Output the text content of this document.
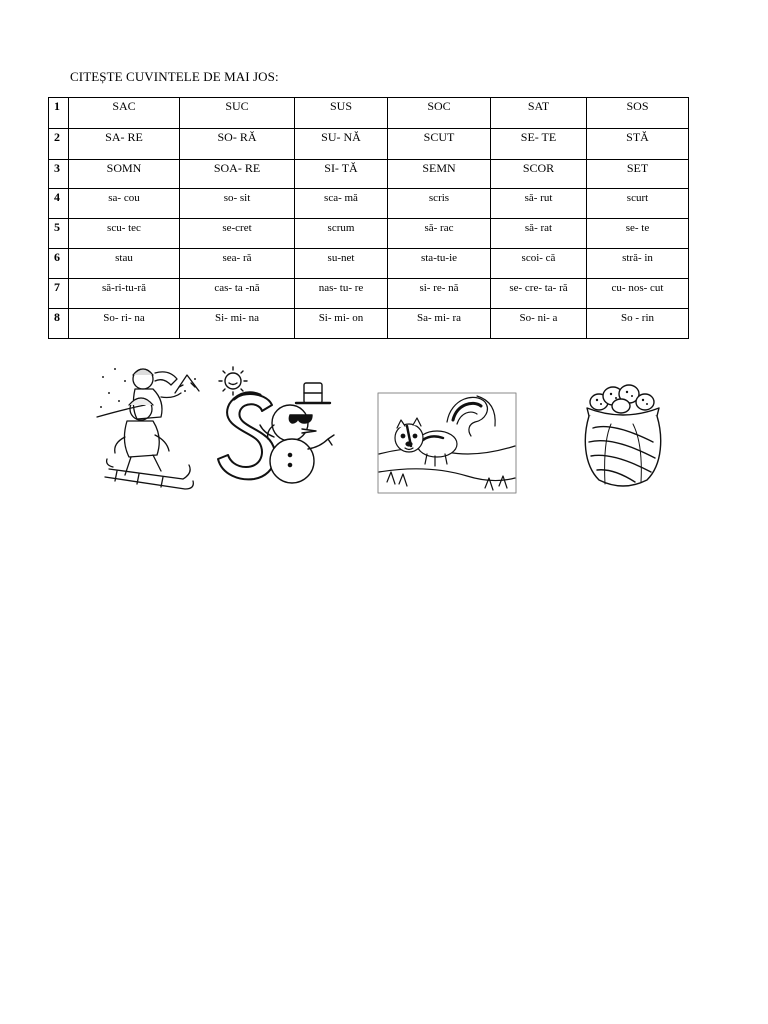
CITEȘTE CUVINTELE DE MAI JOS:
1	SAC	SUC	SUS	SOC	SAT	SOS
2	SA- RE	SO- RĂ	SU- NĂ	SCUT	SE- TE	STĂ
3	SOMN	SOA- RE	SI- TĂ	SEMN	SCOR	SET
4	sa- cou	so- sit	sca- mă	scris	să- rut	scurt
5	scu- tec	se-cret	scrum	să- rac	să- rat	se- te
6	stau	sea- ră	su-net	sta-tu-ie	scoi- că	stră- in
7	să-ri-tu-ră	cas- ta -nă	nas- tu- re	si- re- nă	se- cre- ta- ră	cu- nos- cut
8	So- ri- na	Si- mi- na	Si- mi- on	Sa- mi- ra	So- ni- a	So - rin
